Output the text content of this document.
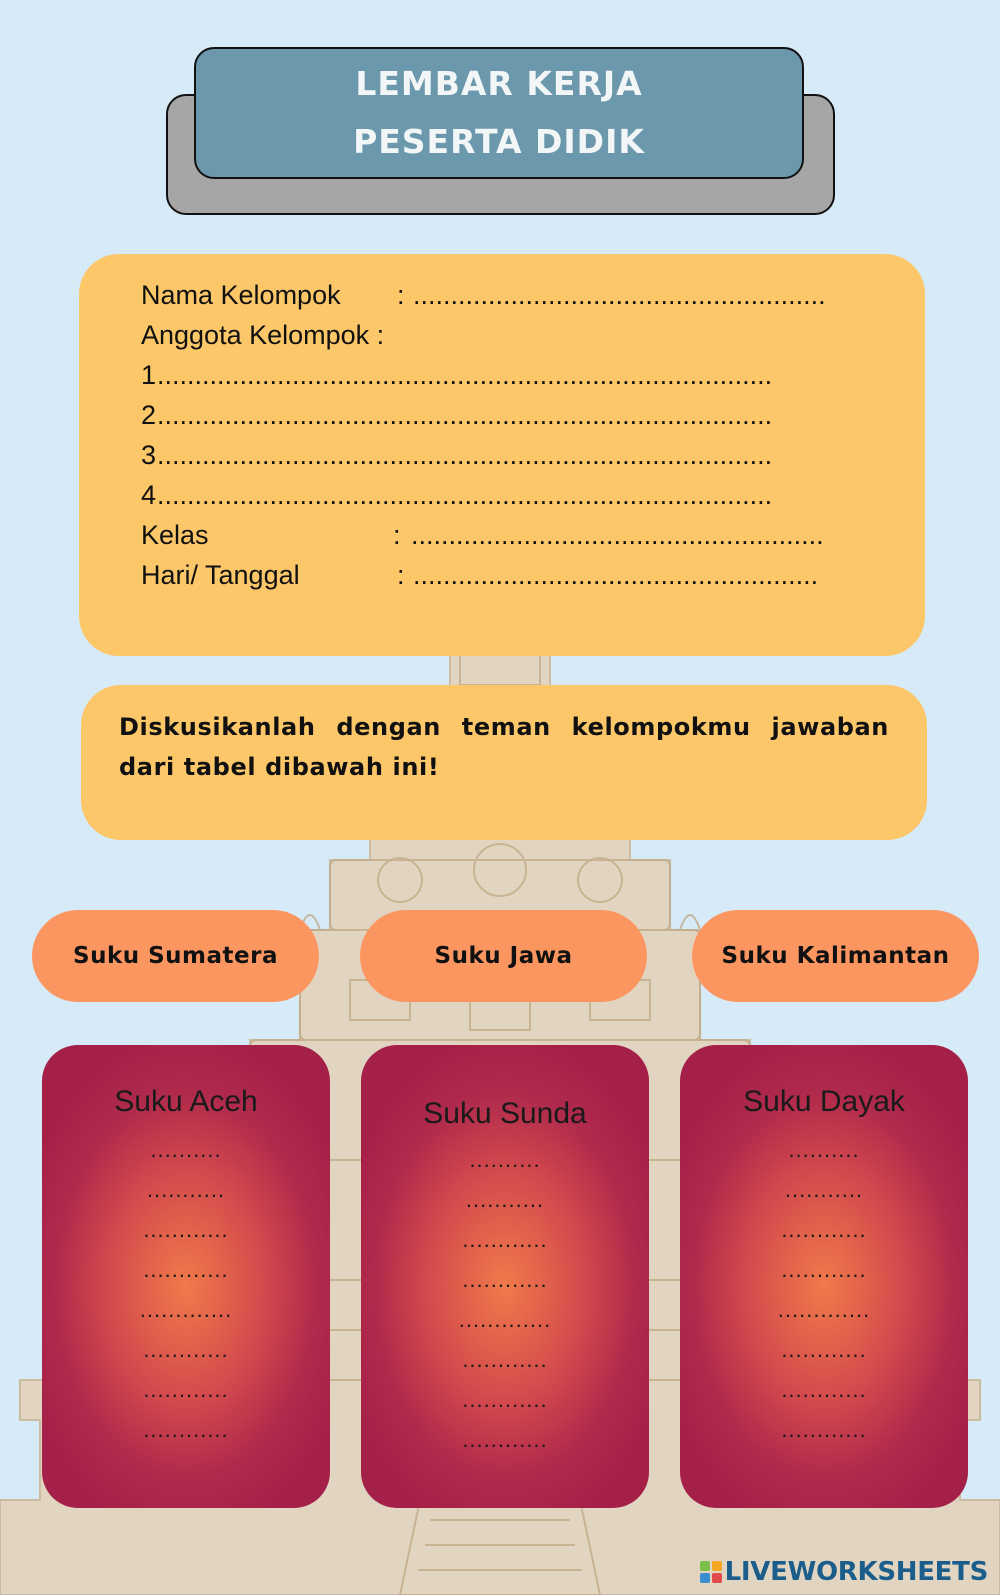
LEMBAR KERJA
PESERTA DIDIK
Nama Kelompok : .......................................................
Anggota Kelompok :
1 ..................................................................................
2 ..................................................................................
3 ..................................................................................
4 ..................................................................................
Kelas	: .......................................................
Hari/ Tanggal	: ......................................................
Diskusikanlah dengan teman kelompokmu jawaban dari tabel dibawah ini!
Suku Sumatera	Suku Jawa	Suku Kalimantan
Suku Aceh
..........
...........
............
............
.............
............
............
............
Suku Sunda
..........
...........
............
............
.............
............
............
............
Suku Dayak
..........
...........
............
............
.............
............
............
............
LIVEWORKSHEETS
